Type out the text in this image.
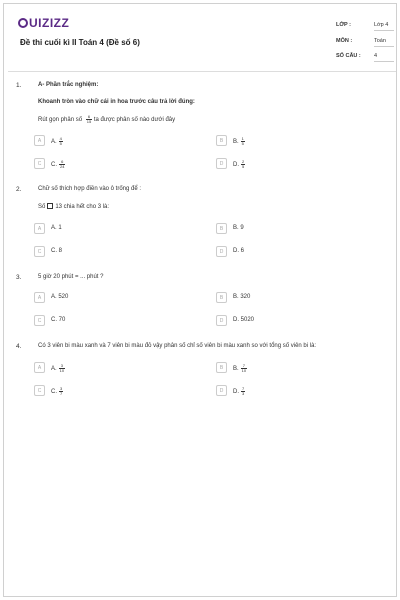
UIZIZZ
Đề thi cuối kì II Toán 4 (Đề số 6)
LỚP :	Lớp 4
MÔN :	Toán
SỐ CÂU : 4
1.	A- Phần trắc nghiệm:
Khoanh tròn vào chữ cái in hoa trước câu trả lời đúng:
Rút gọn phân số $\frac{6}{15}$ ta được phân số nào dưới đây
A	A. $\frac{4}{5}$	B	B. $\frac{1}{5}$
C	C. $\frac{6}{24}$	D	D. $\frac{2}{5}$
2.	Chữ số thích hợp điền vào ô trống để :
Số 13 chia hết cho 3 là:
A	A. 1	B	B. 9
C	C. 8	D	D. 6
3.	5 giờ 20 phút = ... phút ?
A	A. 520	B	B. 320
C	C. 70	D	D. 5020
4.	Có 3 viên bi màu xanh và 7 viên bi màu đỏ vậy phân số chỉ số viên bi màu xanh so với tổng số viên bi là:
A	A. $\frac{3}{10}$	B	B. $\frac{7}{10}$
C	C. $\frac{3}{7}$	D	D. $\frac{7}{3}$
